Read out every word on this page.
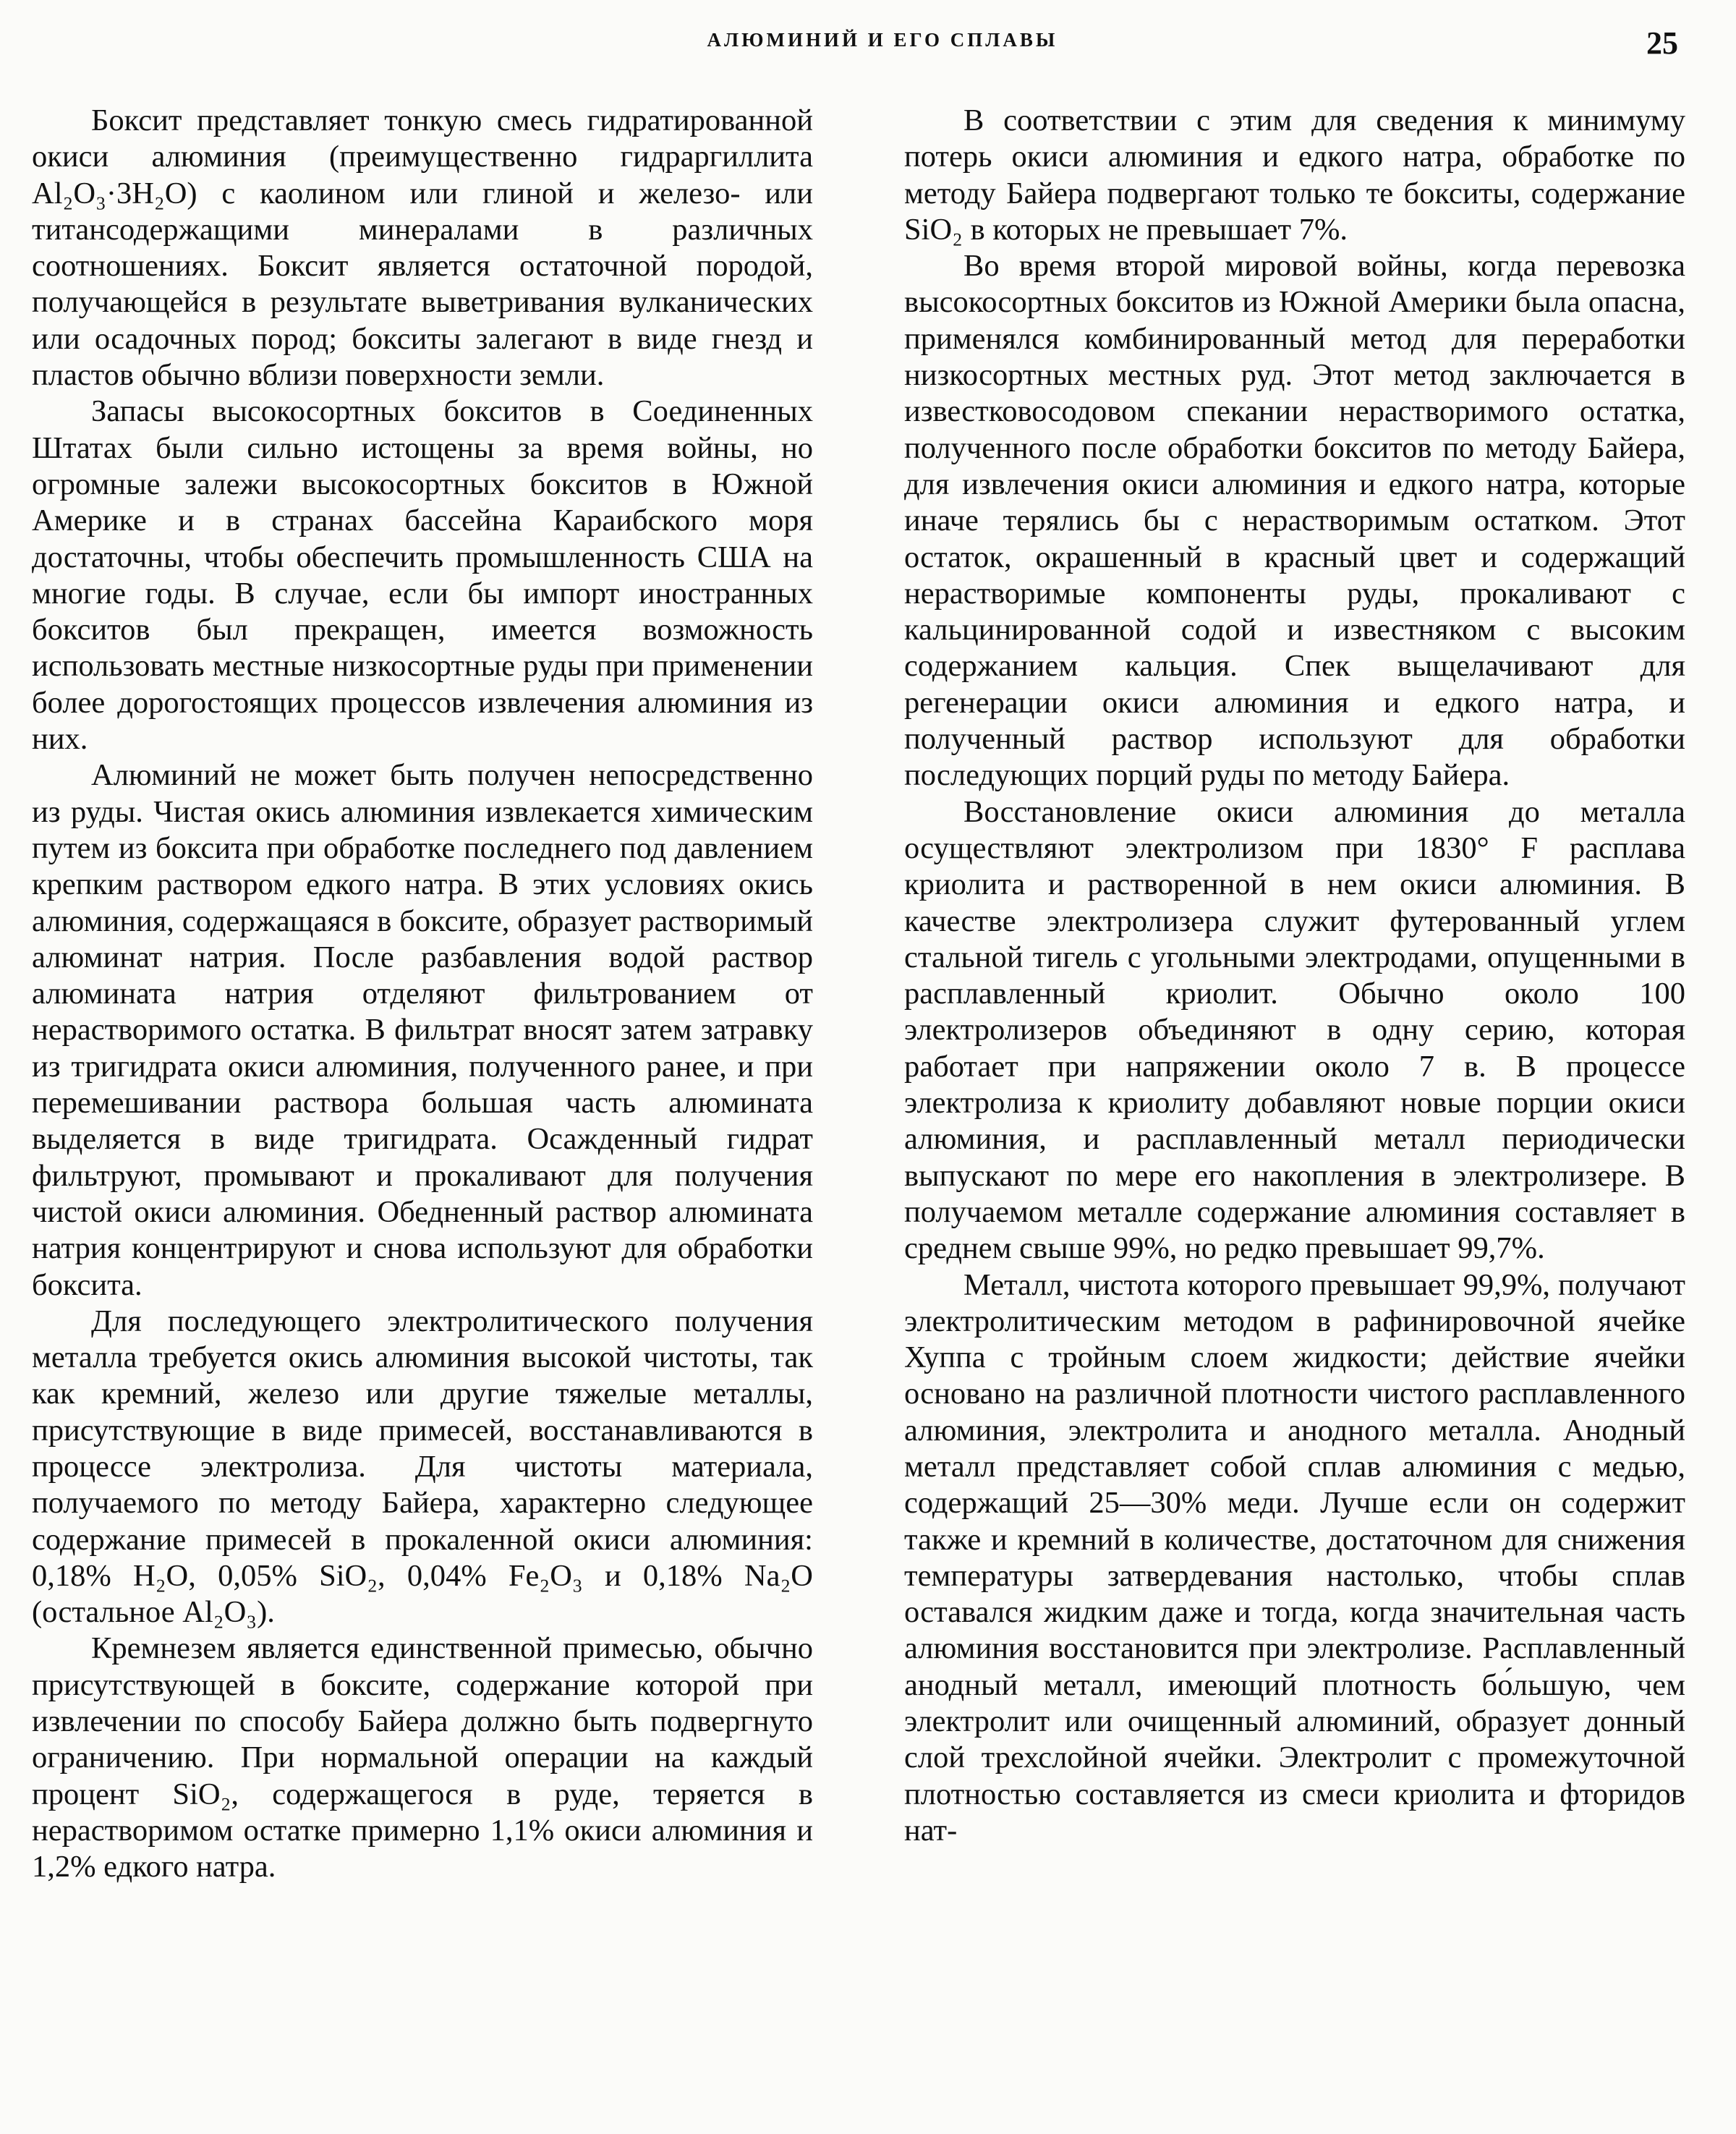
АЛЮМИНИЙ И ЕГО СПЛАВЫ	25

Боксит представляет тонкую смесь гидратированной окиси алюминия (преимущественно гидраргиллита Al₂O₃·3H₂O) с каолином или глиной и железо- или титансодержащими минералами в различных соотношениях. Боксит является остаточной породой, получающейся в результате выветривания вулканических или осадочных пород; бокситы залегают в виде гнезд и пластов обычно вблизи поверхности земли.

Запасы высокосортных бокситов в Соединенных Штатах были сильно истощены за время войны, но огромные залежи высокосортных бокситов в Южной Америке и в странах бассейна Караибского моря достаточны, чтобы обеспечить промышленность США на многие годы. В случае, если бы импорт иностранных бокситов был прекращен, имеется возможность использовать местные низкосортные руды при применении более дорогостоящих процессов извлечения алюминия из них.

Алюминий не может быть получен непосредственно из руды. Чистая окись алюминия извлекается химическим путем из боксита при обработке последнего под давлением крепким раствором едкого натра. В этих условиях окись алюминия, содержащаяся в боксите, образует растворимый алюминат натрия. После разбавления водой раствор алюмината натрия отделяют фильтрованием от нерастворимого остатка. В фильтрат вносят затем затравку из тригидрата окиси алюминия, полученного ранее, и при перемешивании раствора большая часть алюмината выделяется в виде тригидрата. Осажденный гидрат фильтруют, промывают и прокаливают для получения чистой окиси алюминия. Обедненный раствор алюмината натрия концентрируют и снова используют для обработки боксита.

Для последующего электролитического получения металла требуется окись алюминия высокой чистоты, так как кремний, железо или другие тяжелые металлы, присутствующие в виде примесей, восстанавливаются в процессе электролиза. Для чистоты материала, получаемого по методу Байера, характерно следующее содержание примесей в прокаленной окиси алюминия: 0,18% H₂O, 0,05% SiO₂, 0,04% Fe₂O₃ и 0,18% Na₂O (остальное Al₂O₃).

Кремнезем является единственной примесью, обычно присутствующей в боксите, содержание которой при извлечении по способу Байера должно быть подвергнуто ограничению. При нормальной операции на каждый процент SiO₂, содержащегося в руде, теряется в нерастворимом остатке примерно 1,1% окиси алюминия и 1,2% едкого натра.

В соответствии с этим для сведения к минимуму потерь окиси алюминия и едкого натра, обработке по методу Байера подвергают только те бокситы, содержание SiO₂ в которых не превышает 7%.

Во время второй мировой войны, когда перевозка высокосортных бокситов из Южной Америки была опасна, применялся комбинированный метод для переработки низкосортных местных руд. Этот метод заключается в известковосодовом спекании нерастворимого остатка, полученного после обработки бокситов по методу Байера, для извлечения окиси алюминия и едкого натра, которые иначе терялись бы с нерастворимым остатком. Этот остаток, окрашенный в красный цвет и содержащий нерастворимые компоненты руды, прокаливают с кальцинированной содой и известняком с высоким содержанием кальция. Спек выщелачивают для регенерации окиси алюминия и едкого натра, и полученный раствор используют для обработки последующих порций руды по методу Байера.

Восстановление окиси алюминия до металла осуществляют электролизом при 1830° F расплава криолита и растворенной в нем окиси алюминия. В качестве электролизера служит футерованный углем стальной тигель с угольными электродами, опущенными в расплавленный криолит. Обычно около 100 электролизеров объединяют в одну серию, которая работает при напряжении около 7 в. В процессе электролиза к криолиту добавляют новые порции окиси алюминия, и расплавленный металл периодически выпускают по мере его накопления в электролизере. В получаемом металле содержание алюминия составляет в среднем свыше 99%, но редко превышает 99,7%.

Металл, чистота которого превышает 99,9%, получают электролитическим методом в рафинировочной ячейке Хуппа с тройным слоем жидкости; действие ячейки основано на различной плотности чистого расплавленного алюминия, электролита и анодного металла. Анодный металл представляет собой сплав алюминия с медью, содержащий 25—30% меди. Лучше если он содержит также и кремний в количестве, достаточном для снижения температуры затвердевания настолько, чтобы сплав оставался жидким даже и тогда, когда значительная часть алюминия восстановится при электролизе. Расплавленный анодный металл, имеющий плотность бо́льшую, чем электролит или очищенный алюминий, образует донный слой трехслойной ячейки. Электролит с промежуточной плотностью составляется из смеси криолита и фторидов нат-
